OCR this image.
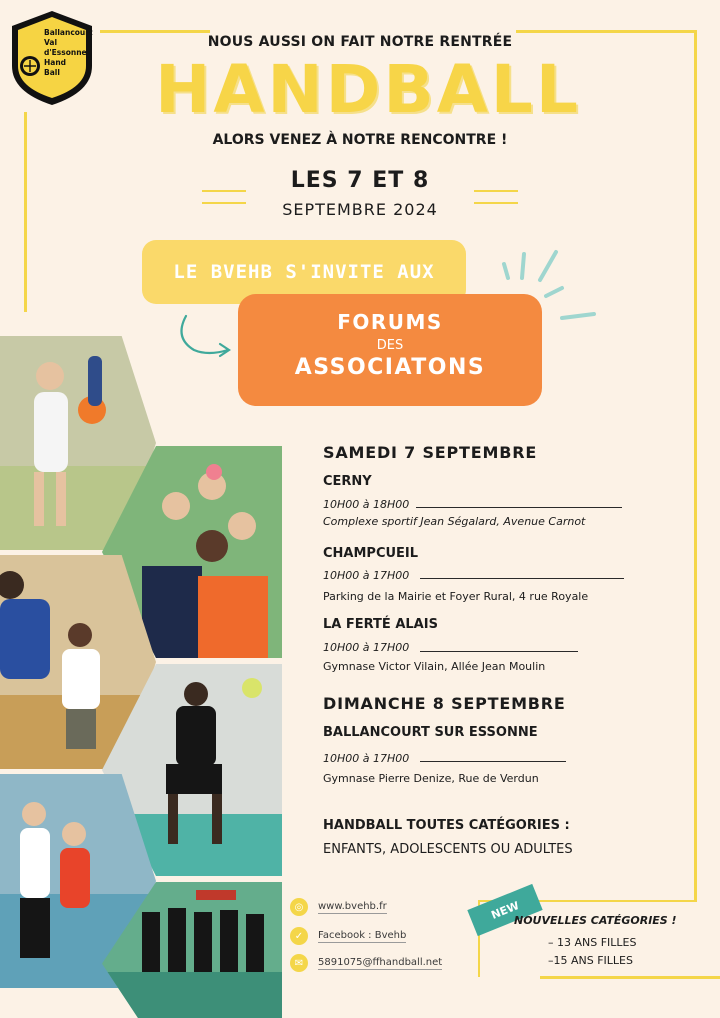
Ballancourt
Val
d'Essonne
Hand
Ball
NOUS AUSSI ON FAIT NOTRE RENTRÉE
HANDBALL
ALORS VENEZ À NOTRE RENCONTRE !
LES 7 ET 8
SEPTEMBRE 2024
LE BVEHB S'INVITE AUX
FORUMS
DES
ASSOCIATONS
SAMEDI 7 SEPTEMBRE
CERNY
10H00 à 18H00
Complexe sportif Jean Ségalard, Avenue Carnot
CHAMPCUEIL
10H00 à 17H00
Parking de la Mairie et Foyer Rural, 4 rue Royale
LA FERTÉ ALAIS
10H00 à 17H00
Gymnase Victor Vilain, Allée Jean Moulin
DIMANCHE 8 SEPTEMBRE
BALLANCOURT SUR ESSONNE
10H00 à 17H00
Gymnase Pierre Denize, Rue de Verdun
HANDBALL TOUTES CATÉGORIES :
ENFANTS, ADOLESCENTS OU ADULTES
◎	www.bvehb.fr
✓	Facebook : Bvehb
✉	5891075@ffhandball.net
NEW
NOUVELLES CATÉGORIES !
– 13 ANS FILLES
–15 ANS FILLES
